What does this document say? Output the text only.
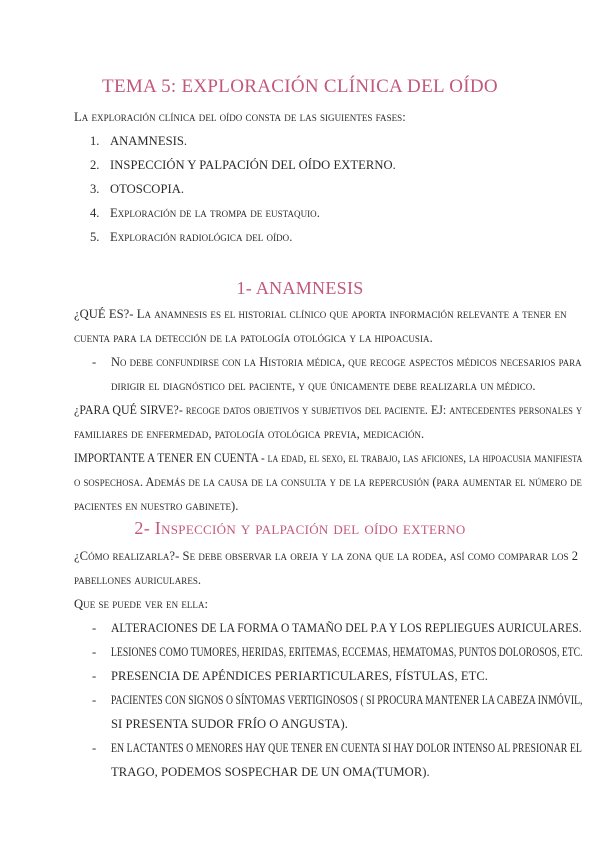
TEMA 5: EXPLORACIÓN CLÍNICA DEL OÍDO
La exploración clínica del oído consta de las siguientes fases:
1. ANAMNESIS.
2. INSPECCIÓN Y PALPACIÓN DEL OÍDO EXTERNO.
3. OTOSCOPIA.
4. Exploración de la trompa de eustaquio.
5. Exploración radiológica del oído.
1- ANAMNESIS
¿QUÉ ES?- La anamnesis es el historial clínico que aporta información relevante a tener en
cuenta para la detección de la patología otológica y la hipoacusia.
- No debe confundirse con la Historia médica, que recoge aspectos médicos necesarios para
dirigir el diagnóstico del paciente, y que únicamente debe realizarla un médico.
¿PARA QUÉ SIRVE?- recoge datos objetivos y subjetivos del paciente. EJ: antecedentes personales y
familiares de enfermedad, patología otológica previa, medicación.
IMPORTANTE A TENER EN CUENTA - la edad, el sexo, el trabajo, las aficiones, la hipoacusia manifiesta
o sospechosa. Además de la causa de la consulta y de la repercusión (para aumentar el número de
pacientes en nuestro gabinete).
2- Inspección y palpación del oído externo
¿Cómo realizarla?- Se debe observar la oreja y la zona que la rodea, así como comparar los 2
pabellones auriculares.
Que se puede ver en ella:
- ALTERACIONES DE LA FORMA O TAMAÑO DEL P.A Y LOS REPLIEGUES AURICULARES.
- LESIONES COMO TUMORES, HERIDAS, ERITEMAS, ECCEMAS, HEMATOMAS, PUNTOS DOLOROSOS, ETC.
- PRESENCIA DE APÉNDICES PERIARTICULARES, FÍSTULAS, ETC.
- PACIENTES CON SIGNOS O SÍNTOMAS VERTIGINOSOS ( SI PROCURA MANTENER LA CABEZA INMÓVIL,
SI PRESENTA SUDOR FRÍO O ANGUSTA).
- EN LACTANTES O MENORES HAY QUE TENER EN CUENTA SI HAY DOLOR INTENSO AL PRESIONAR EL
TRAGO, PODEMOS SOSPECHAR DE UN OMA(TUMOR).
